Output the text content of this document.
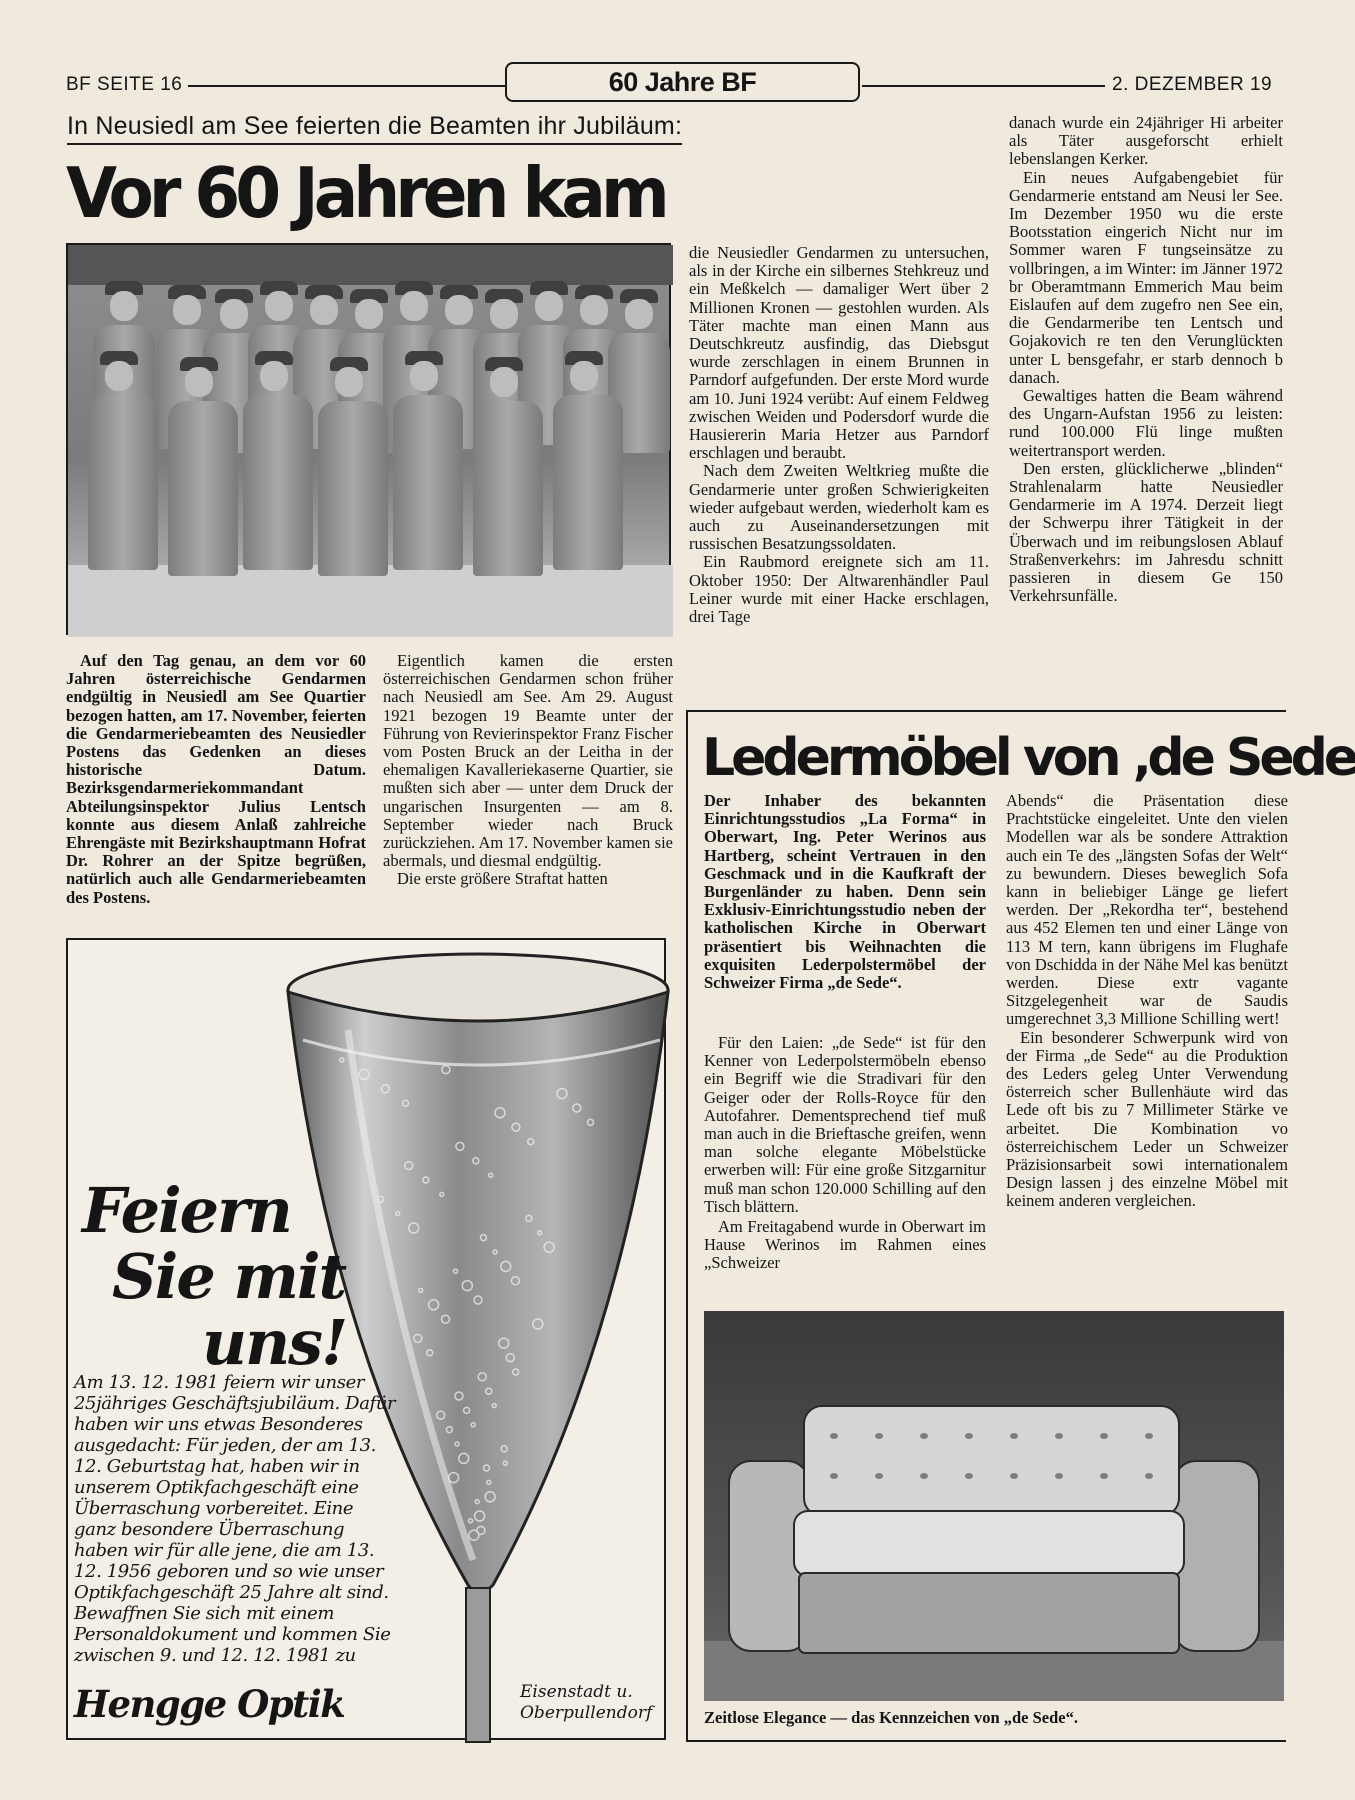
BF SEITE 16	60 Jahre BF	2. DEZEMBER 19
In Neusiedl am See feierten die Beamten ihr Jubiläum:
Vor 60 Jahren kam

Auf den Tag genau, an dem vor 60 Jahren österreichische Gendarmen endgültig in Neusiedl am See Quartier bezogen hatten, am 17. November, feierten die Gendarmeriebeamten des Neusiedler Postens das Gedenken an dieses historische Datum. Bezirksgendarmeriekommandant Abteilungsinspektor Julius Lentsch konnte aus diesem Anlaß zahlreiche Ehrengäste mit Bezirkshauptmann Hofrat Dr. Rohrer an der Spitze begrüßen, natürlich auch alle Gendarmeriebeamten des Postens.

Eigentlich kamen die ersten österreichischen Gendarmen schon früher nach Neusiedl am See. Am 29. August 1921 bezogen 19 Beamte unter der Führung von Revierinspektor Franz Fischer vom Posten Bruck an der Leitha in der ehemaligen Kavalleriekaserne Quartier, sie mußten sich aber — unter dem Druck der ungarischen Insurgenten — am 8. September wieder nach Bruck zurückziehen. Am 17. November kamen sie abermals, und diesmal endgültig.

Die erste größere Straftat hatten

die Neusiedler Gendarmen zu untersuchen, als in der Kirche ein silbernes Stehkreuz und ein Meßkelch — damaliger Wert über 2 Millionen Kronen — gestohlen wurden. Als Täter machte man einen Mann aus Deutschkreutz ausfindig, das Diebsgut wurde zerschlagen in einem Brunnen in Parndorf aufgefunden. Der erste Mord wurde am 10. Juni 1924 verübt: Auf einem Feldweg zwischen Weiden und Podersdorf wurde die Hausiererin Maria Hetzer aus Parndorf erschlagen und beraubt.

Nach dem Zweiten Weltkrieg mußte die Gendarmerie unter großen Schwierigkeiten wieder aufgebaut werden, wiederholt kam es auch zu Auseinandersetzungen mit russischen Besatzungssoldaten.

Ein Raubmord ereignete sich am 11. Oktober 1950: Der Altwarenhändler Paul Leiner wurde mit einer Hacke erschlagen, drei Tage

danach wurde ein 24jähriger Hi arbeiter als Täter ausgeforscht erhielt lebenslangen Kerker.

Ein neues Aufgabengebiet für Gendarmerie entstand am Neusi ler See. Im Dezember 1950 wu die erste Bootsstation eingerich Nicht nur im Sommer waren F tungseinsätze zu vollbringen, a im Winter: im Jänner 1972 br Oberamtmann Emmerich Mau beim Eislaufen auf dem zugefro nen See ein, die Gendarmeribe ten Lentsch und Gojakovich re ten den Verunglückten unter L bensgefahr, er starb dennoch b danach.

Gewaltiges hatten die Beam während des Ungarn-Aufstan 1956 zu leisten: rund 100.000 Flü linge mußten weitertransport werden.

Den ersten, glücklicherwe „blinden“ Strahlenalarm hatte Neusiedler Gendarmerie im A 1974. Derzeit liegt der Schwerpu ihrer Tätigkeit in der Überwach und im reibungslosen Ablauf Straßenverkehrs: im Jahresdu schnitt passieren in diesem Ge 150 Verkehrsunfälle.

Feiern
Sie mit
uns!
Am 13. 12. 1981 feiern wir unser 25jähriges Geschäftsjubiläum. Dafür haben wir uns etwas Besonderes ausgedacht: Für jeden, der am 13. 12. Geburtstag hat, haben wir in unserem Optikfachgeschäft eine Überraschung vorbereitet. Eine ganz besondere Überraschung haben wir für alle jene, die am 13. 12. 1956 geboren und so wie unser Optikfachgeschäft 25 Jahre alt sind. Bewaffnen Sie sich mit einem Personaldokument und kommen Sie zwischen 9. und 12. 12. 1981 zu
Hengge Optik	Eisenstadt u.
Oberpullendorf
Ledermöbel von ‚de Sede

Der Inhaber des bekannten Einrichtungsstudios „La Forma“ in Oberwart, Ing. Peter Werinos aus Hartberg, scheint Vertrauen in den Geschmack und in die Kaufkraft der Burgenländer zu haben. Denn sein Exklusiv-Einrichtungsstudio neben der katholischen Kirche in Oberwart präsentiert bis Weihnachten die exquisiten Lederpolstermöbel der Schweizer Firma „de Sede“.

Für den Laien: „de Sede“ ist für den Kenner von Lederpolstermöbeln ebenso ein Begriff wie die Stradivari für den Geiger oder der Rolls-Royce für den Autofahrer. Dementsprechend tief muß man auch in die Brieftasche greifen, wenn man solche elegante Möbelstücke erwerben will: Für eine große Sitzgarnitur muß man schon 120.000 Schilling auf den Tisch blättern.

Am Freitagabend wurde in Oberwart im Hause Werinos im Rahmen eines „Schweizer

Abends“ die Präsentation diese Prachtstücke eingeleitet. Unte den vielen Modellen war als be sondere Attraktion auch ein Te des „längsten Sofas der Welt“ zu bewundern. Dieses beweglich Sofa kann in beliebiger Länge ge liefert werden. Der „Rekordha ter“, bestehend aus 452 Elemen ten und einer Länge von 113 M tern, kann übrigens im Flughafe von Dschidda in der Nähe Mel kas benützt werden. Diese extr vagante Sitzgelegenheit war de Saudis umgerechnet 3,3 Millione Schilling wert!

Ein besonderer Schwerpunk wird von der Firma „de Sede“ au die Produktion des Leders geleg Unter Verwendung österreich scher Bullenhäute wird das Lede oft bis zu 7 Millimeter Stärke ve arbeitet. Die Kombination vo österreichischem Leder un Schweizer Präzisionsarbeit sowi internationalem Design lassen j des einzelne Möbel mit keinem anderen vergleichen.

Zeitlose Elegance — das Kennzeichen von „de Sede“.
